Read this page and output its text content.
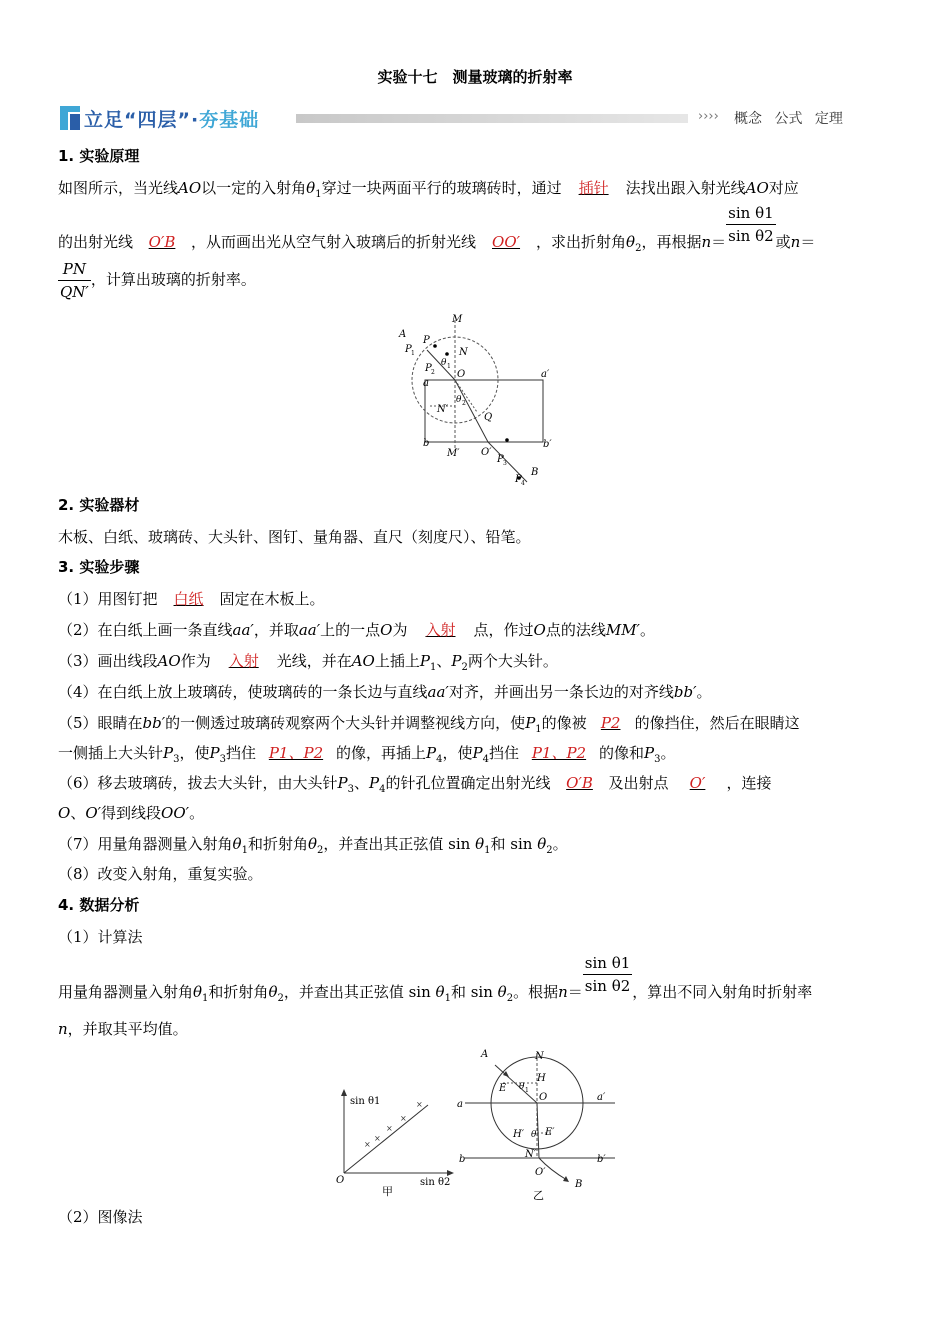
实验十七　测量玻璃的折射率
立足“四层”·夯基础	›››› 概念 公式 定理
1. 实验原理
如图所示，当光线AO以一定的入射角$\theta_1$穿过一块两面平行的玻璃砖时，通过 插针 法找出跟入射光线AO对应
的出射光线 O′B ，从而画出光从空气射入玻璃后的折射光线 OO′ ，求出折射角$\theta_2$，再根据$n= \frac{\text{sin θ1}}{\text{sin θ2}}$ 或n＝
$\frac{PN}{QN'}$ ，计算出玻璃的折射率。
M
A
P
P 1
P 2
θ 1
N
O
a
a′
N′
θ 2
Q
b	b′
M′ O′
P 3
B
P 4
2. 实验器材
木板、白纸、玻璃砖、大头针、图钉、量角器、直尺（刻度尺）、铅笔。
3. 实验步骤
（1）用图钉把 白纸 固定在木板上。
（2）在白纸上画一条直线aa′，并取aa′上的一点O为 入射 点，作过O点的法线MM′。
（3）画出线段AO作为 入射 光线，并在AO上插上$P_1$、$P_2$两个大头针。
（4）在白纸上放上玻璃砖，使玻璃砖的一条长边与直线aa′对齐，并画出另一条长边的对齐线bb′。
（5）眼睛在bb′的一侧透过玻璃砖观察两个大头针并调整视线方向，使$P_1$的像被 P2 的像挡住，然后在眼睛这
一侧插上大头针$P_3$，使$P_3$挡住 P1、P2 的像，再插上$P_4$，使$P_4$挡住 P1、P2 的像和$P_3$。
（6）移去玻璃砖，拔去大头针，由大头针$P_3$、$P_4$的针孔位置确定出射光线 O′B 及出射点 O′ ，连接
O、O′得到线段OO′。
（7）用量角器测量入射角$\theta_1$和折射角$\theta_2$，并查出其正弦值 $\sin \theta_1$和 $\sin \theta_2$。
（8）改变入射角，重复实验。
4. 数据分析
（1）计算法
用量角器测量入射角$\theta_1$和折射角$\theta_2$，并查出其正弦值 $\sin \theta_1$和 $\sin \theta_2$。根据$n= \frac{\text{sin θ1}}{\text{sin θ2}}$ ，算出不同入射角时折射率
n，并取其平均值。
×
×
×
×
×
sin θ1
sin θ2
O
甲
A	N
H
E θ 1
a
O	a′
H′ θ E′
b	N′	b′
O′
B
乙
（2）图像法
